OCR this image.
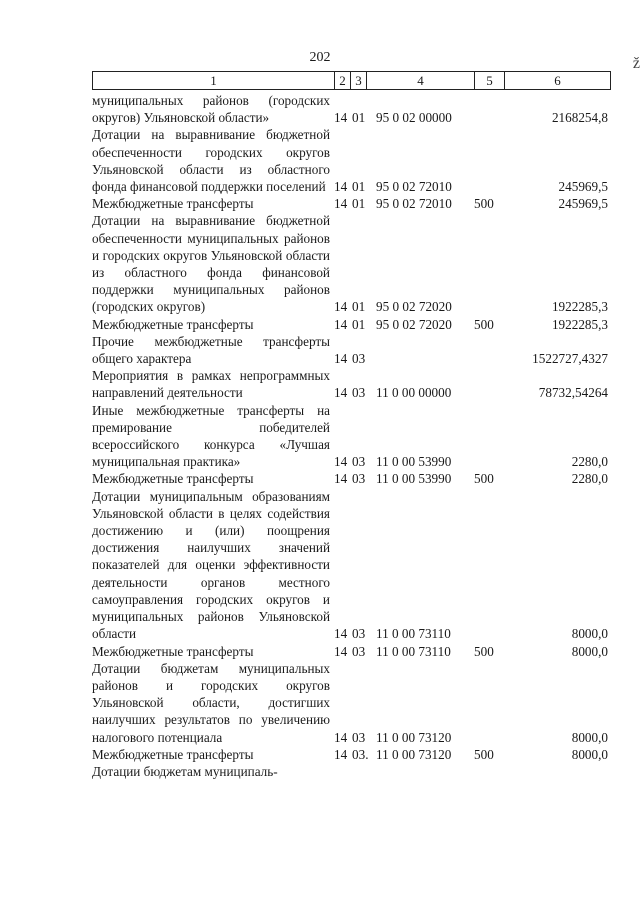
202	ž
1	2	3	4	5	6
муниципальных районов (городских округов) Ульяновской области»	14	01	95 0 02 00000		2168254,8
Дотации на выравнивание бюджетной обеспеченности городских округов Ульяновской области из областного фонда финансовой поддержки поселений	14	01	95 0 02 72010		245969,5
Межбюджетные трансферты	14	01	95 0 02 72010	500	245969,5
Дотации на выравнивание бюджетной обеспеченности муниципальных районов и городских округов Ульяновской области из областного фонда финансовой поддержки муниципальных районов (городских округов)	14	01	95 0 02 72020		1922285,3
Межбюджетные трансферты	14	01	95 0 02 72020	500	1922285,3
Прочие межбюджетные трансферты общего характера	14	03			1522727,4327
Мероприятия в рамках непрограммных направлений деятельности	14	03	11 0 00 00000		78732,54264
Иные межбюджетные трансферты на премирование победителей всероссийского конкурса «Лучшая муниципальная практика»	14	03	11 0 00 53990		2280,0
Межбюджетные трансферты	14	03	11 0 00 53990	500	2280,0
Дотации муниципальным образованиям Ульяновской области в целях содействия достижению и (или) поощрения достижения наилучших значений показателей для оценки эффективности деятельности органов местного самоуправления городских округов и муниципальных районов Ульяновской области	14	03	11 0 00 73110		8000,0
Межбюджетные трансферты	14	03	11 0 00 73110	500	8000,0
Дотации бюджетам муниципальных районов и городских округов Ульяновской области, достигших наилучших результатов по увеличению налогового потенциала	14	03	11 0 00 73120		8000,0
Межбюджетные трансферты	14	03.	11 0 00 73120	500	8000,0
Дотации бюджетам муниципаль-					
